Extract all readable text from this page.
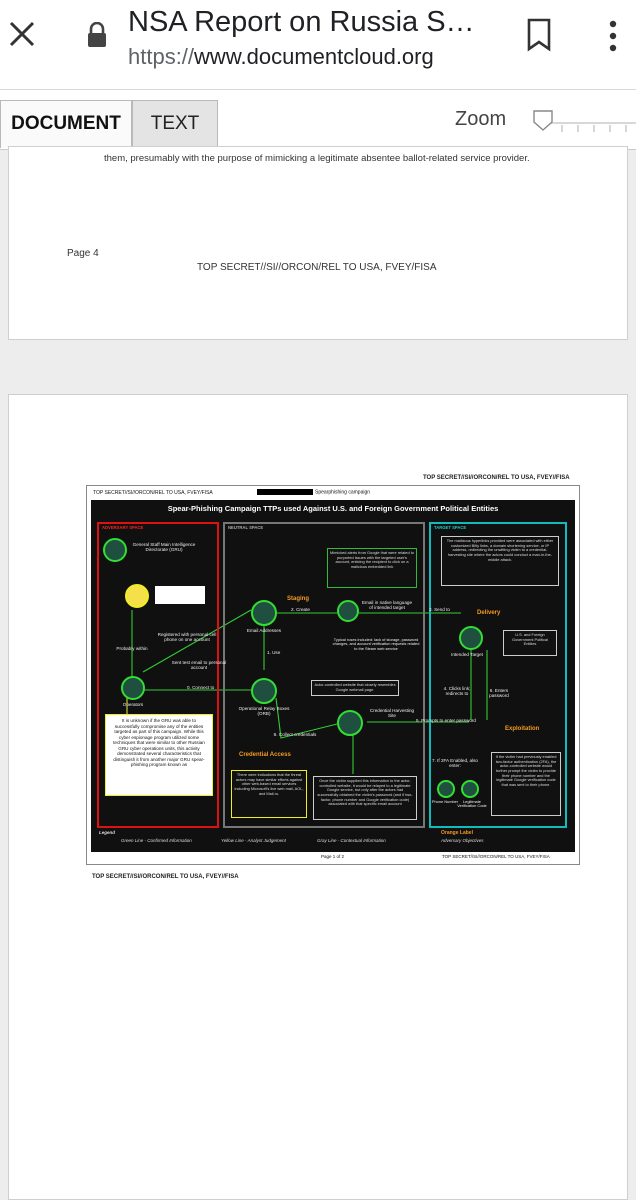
NSA Report on Russia S…
https://www.documentcloud.org
DOCUMENT	TEXT	Zoom
them, presumably with the purpose of mimicking a legitimate absentee ballot-related service provider.
Page 4
TOP SECRET//SI//ORCON/REL TO USA, FVEY/FISA
TOP SECRET//SI//ORCON/REL TO USA, FVEY//FISA
TOP SECRET//SI//ORCON/REL TO USA, FVEY/FISA	Spearphishing campaign
Spear-Phishing Campaign TTPs used Against U.S. and Foreign Government Political Entities
ADVERSARY SPACE	NEUTRAL SPACE	TARGET SPACE
General Staff Main Intelligence Directorate (GRU)
Probably within
Operators
It is unknown if the GRU was able to successfully compromise any of the entities targeted as part of this campaign. While this cyber espionage program utilized some techniques that were similar to other Russian GRU cyber operations units, this activity demonstrated several characteristics that distinguish it from another major GRU spear-phishing program known as
Registered with personal cell phone on one account
Sent test email to personal account
0. Connect to
Staging
Email Addresses
2. Create
1. Use
Operational Relay Boxes (ORB)
8. Collect credentials
Credential Access
There were indications that the threat actors may have similar efforts against other web-based email services including Microsoft's live web mail, AOL, and Mail.ru.
Mimicked alerts from Google that were related to purported issues with the targeted user's account, enticing the recipient to click on a malicious embedded link
Email in native language of intended target
Typical ruses included: lack of storage, password changes, and account verification requests related to the Steam web service
Actor-controlled website that closely resembles Google webmail page.
Credential Harvesting Site
Once the victim supplied this information to the actor-controlled website, it would be relayed to a legitimate Google service, but only after the actors had successfully obtained the victim's password (and if two-factor, phone number and Google verification code) associated with that specific email account
The malicious hyperlinks provided were associated with either customized Bitly links, a domain shortening service, or IP address, redirecting the unwitting victim to a credential-harvesting site where the actors could conduct a man-in-the-middle attack.
3. Send to
Delivery
Intended Target
U.S. and Foreign Government Political Entities
4. Clicks link; redirects to
6. Enters password
5. Prompts to enter password
Exploitation
7. If 2FA Enabled, also enter:
Phone Number	Legitimate Verification Code
If the victim had previously enabled two-factor authentication (2FA), the actor-controlled website would further prompt the victim to provide their phone number and the legitimate Google verification code that was sent to their phone.
Legend
Green Line - Confirmed Information	Yellow Line - Analyst Judgement	Gray Line - Contextual Information
Orange Label
Adversary Objectives
Page 1 of 2	TOP SECRET//SI//ORCON/REL TO USA, FVEY/FISA
TOP SECRET//SI//ORCON/REL TO USA, FVEY//FISA
